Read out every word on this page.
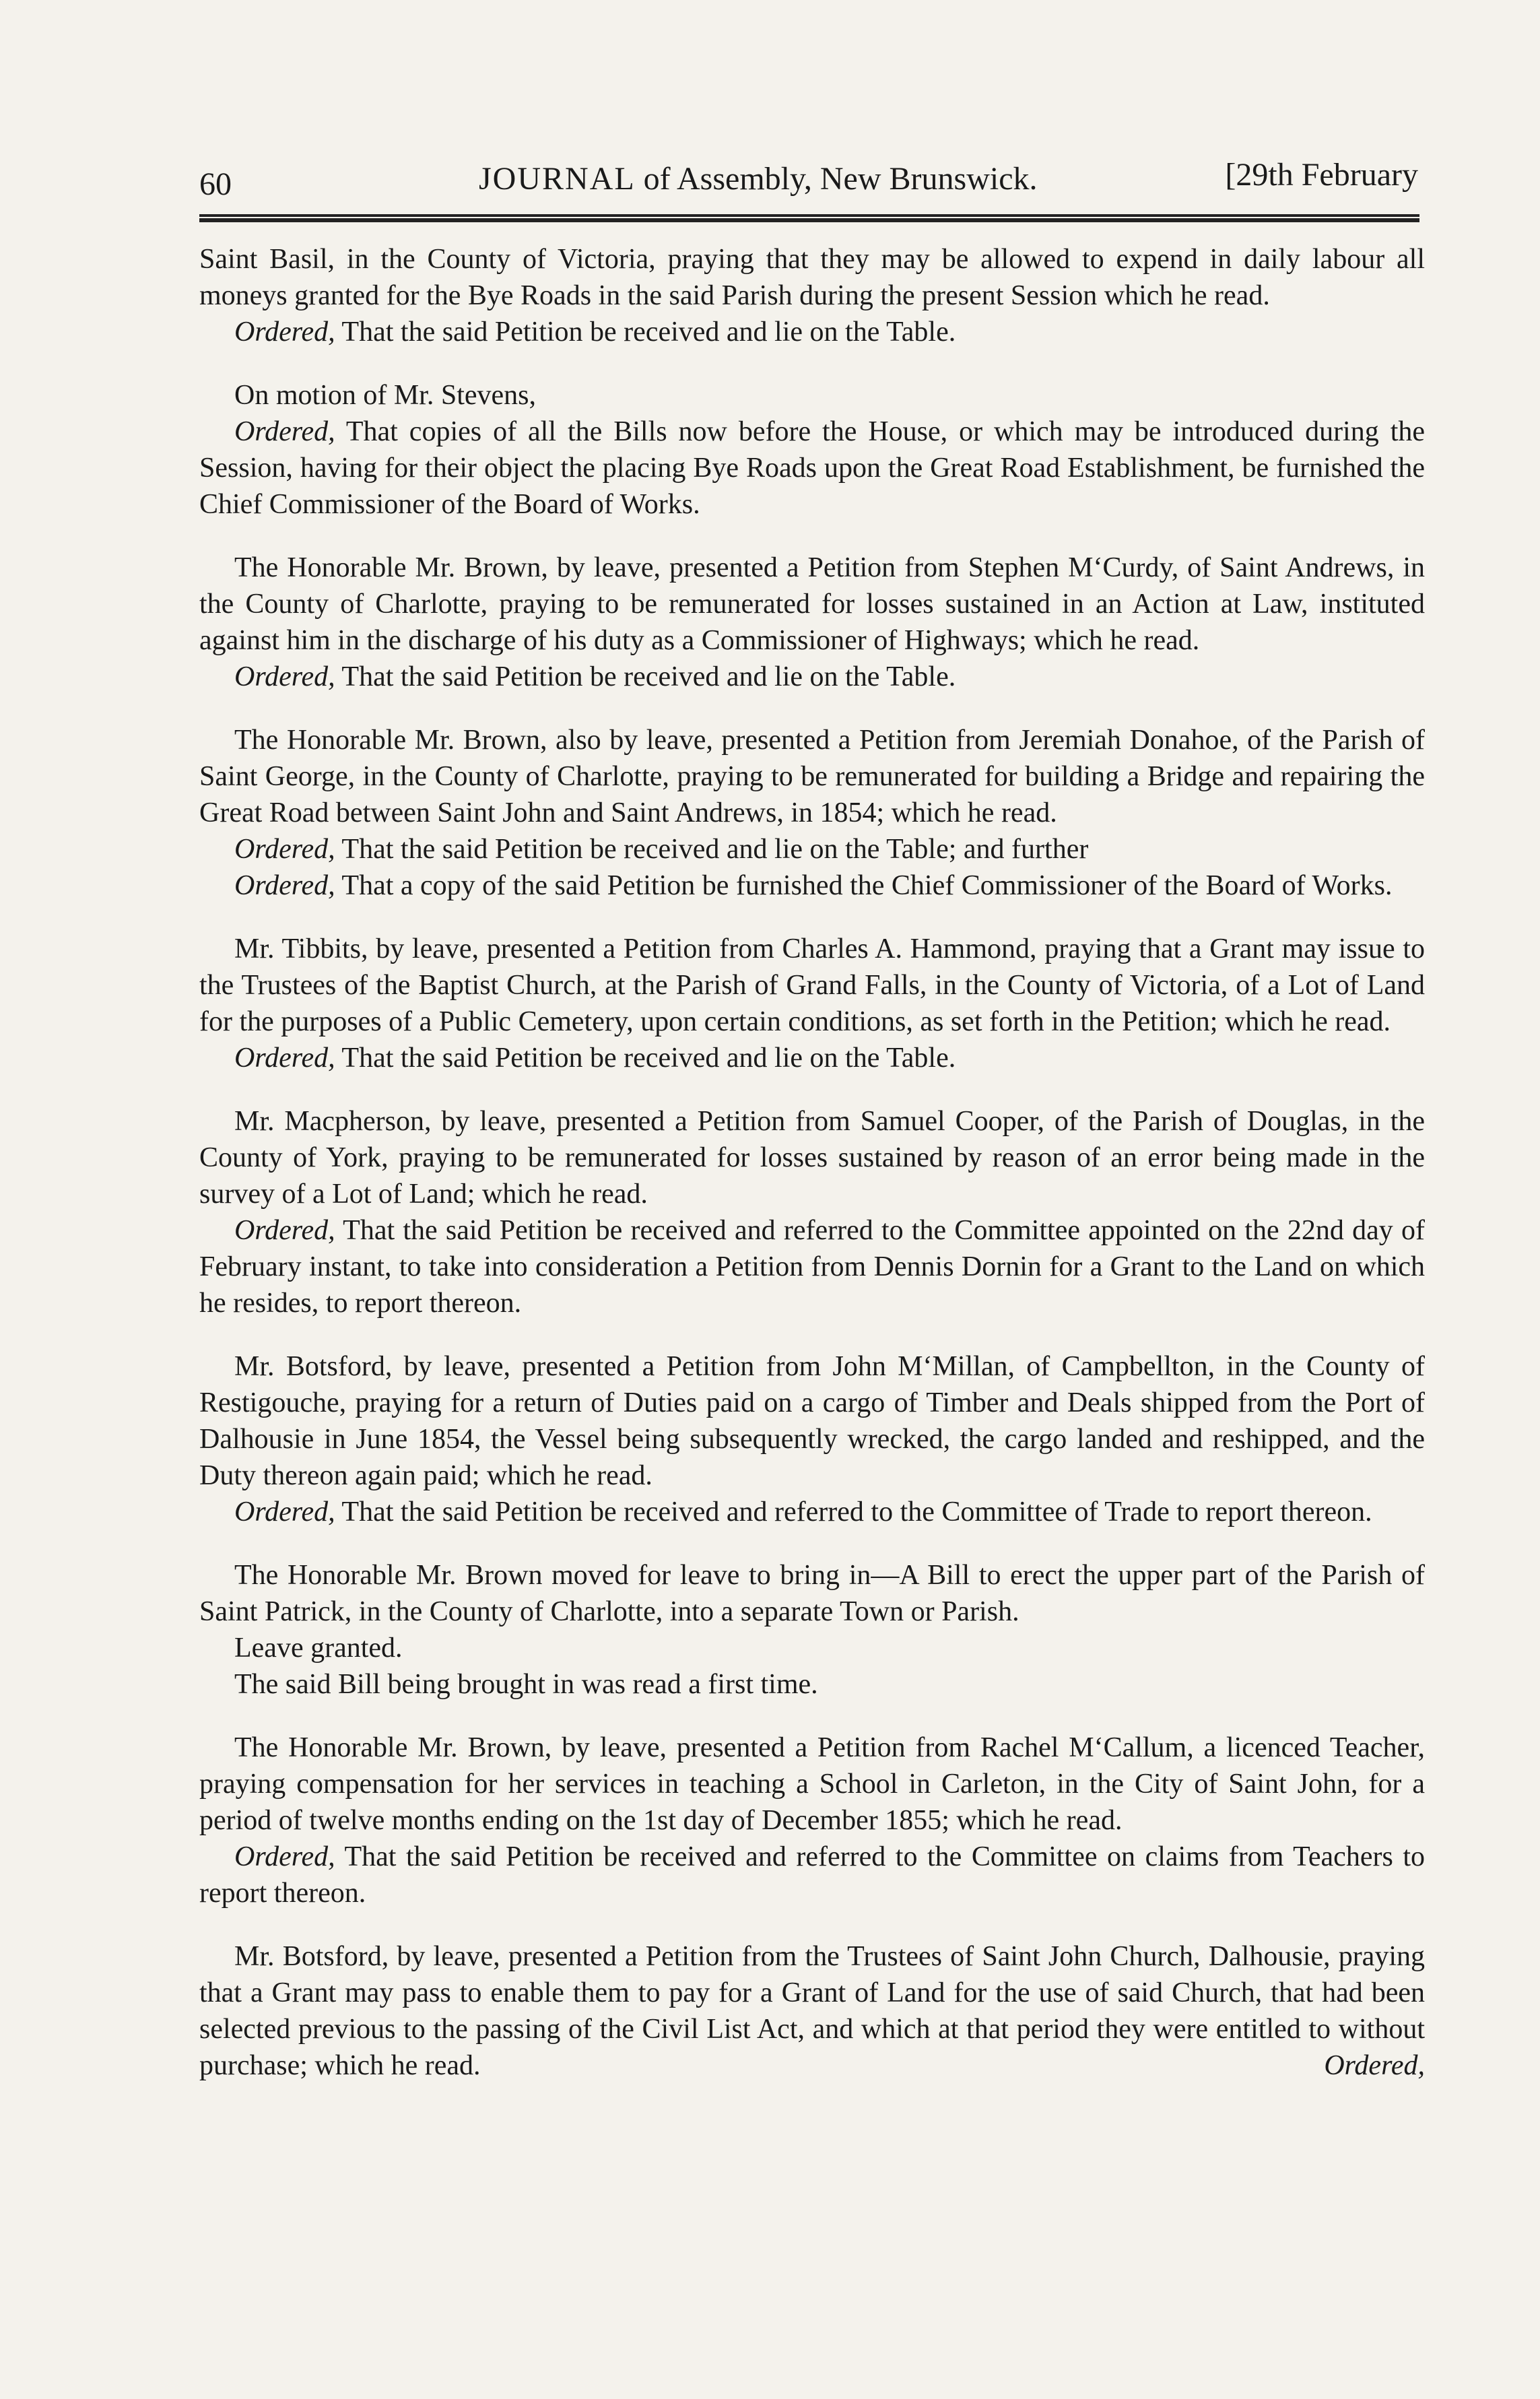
60	JOURNAL of Assembly, New Brunswick.	[29th February

Saint Basil, in the County of Victoria, praying that they may be allowed to expend in daily labour all moneys granted for the Bye Roads in the said Parish during the present Session which he read.

Ordered, That the said Petition be received and lie on the Table.

On motion of Mr. Stevens,

Ordered, That copies of all the Bills now before the House, or which may be introduced during the Session, having for their object the placing Bye Roads upon the Great Road Establishment, be furnished the Chief Commissioner of the Board of Works.

The Honorable Mr. Brown, by leave, presented a Petition from Stephen M‘Curdy, of Saint Andrews, in the County of Charlotte, praying to be remunerated for losses sustained in an Action at Law, instituted against him in the discharge of his duty as a Commissioner of Highways; which he read.

Ordered, That the said Petition be received and lie on the Table.

The Honorable Mr. Brown, also by leave, presented a Petition from Jeremiah Donahoe, of the Parish of Saint George, in the County of Charlotte, praying to be remunerated for building a Bridge and repairing the Great Road between Saint John and Saint Andrews, in 1854; which he read.

Ordered, That the said Petition be received and lie on the Table; and further

Ordered, That a copy of the said Petition be furnished the Chief Commissioner of the Board of Works.

Mr. Tibbits, by leave, presented a Petition from Charles A. Hammond, praying that a Grant may issue to the Trustees of the Baptist Church, at the Parish of Grand Falls, in the County of Victoria, of a Lot of Land for the purposes of a Public Cemetery, upon certain conditions, as set forth in the Petition; which he read.

Ordered, That the said Petition be received and lie on the Table.

Mr. Macpherson, by leave, presented a Petition from Samuel Cooper, of the Parish of Douglas, in the County of York, praying to be remunerated for losses sustained by reason of an error being made in the survey of a Lot of Land; which he read.

Ordered, That the said Petition be received and referred to the Committee appointed on the 22nd day of February instant, to take into consideration a Petition from Dennis Dornin for a Grant to the Land on which he resides, to report thereon.

Mr. Botsford, by leave, presented a Petition from John M‘Millan, of Campbellton, in the County of Restigouche, praying for a return of Duties paid on a cargo of Timber and Deals shipped from the Port of Dalhousie in June 1854, the Vessel being subsequently wrecked, the cargo landed and reshipped, and the Duty thereon again paid; which he read.

Ordered, That the said Petition be received and referred to the Committee of Trade to report thereon.

The Honorable Mr. Brown moved for leave to bring in—A Bill to erect the upper part of the Parish of Saint Patrick, in the County of Charlotte, into a separate Town or Parish.

Leave granted.

The said Bill being brought in was read a first time.

The Honorable Mr. Brown, by leave, presented a Petition from Rachel M‘Callum, a licenced Teacher, praying compensation for her services in teaching a School in Carleton, in the City of Saint John, for a period of twelve months ending on the 1st day of December 1855; which he read.

Ordered, That the said Petition be received and referred to the Committee on claims from Teachers to report thereon.

Mr. Botsford, by leave, presented a Petition from the Trustees of Saint John Church, Dalhousie, praying that a Grant may pass to enable them to pay for a Grant of Land for the use of said Church, that had been selected previous to the passing of the Civil List Act, and which at that period they were entitled to without purchase; which he read.	Ordered,
